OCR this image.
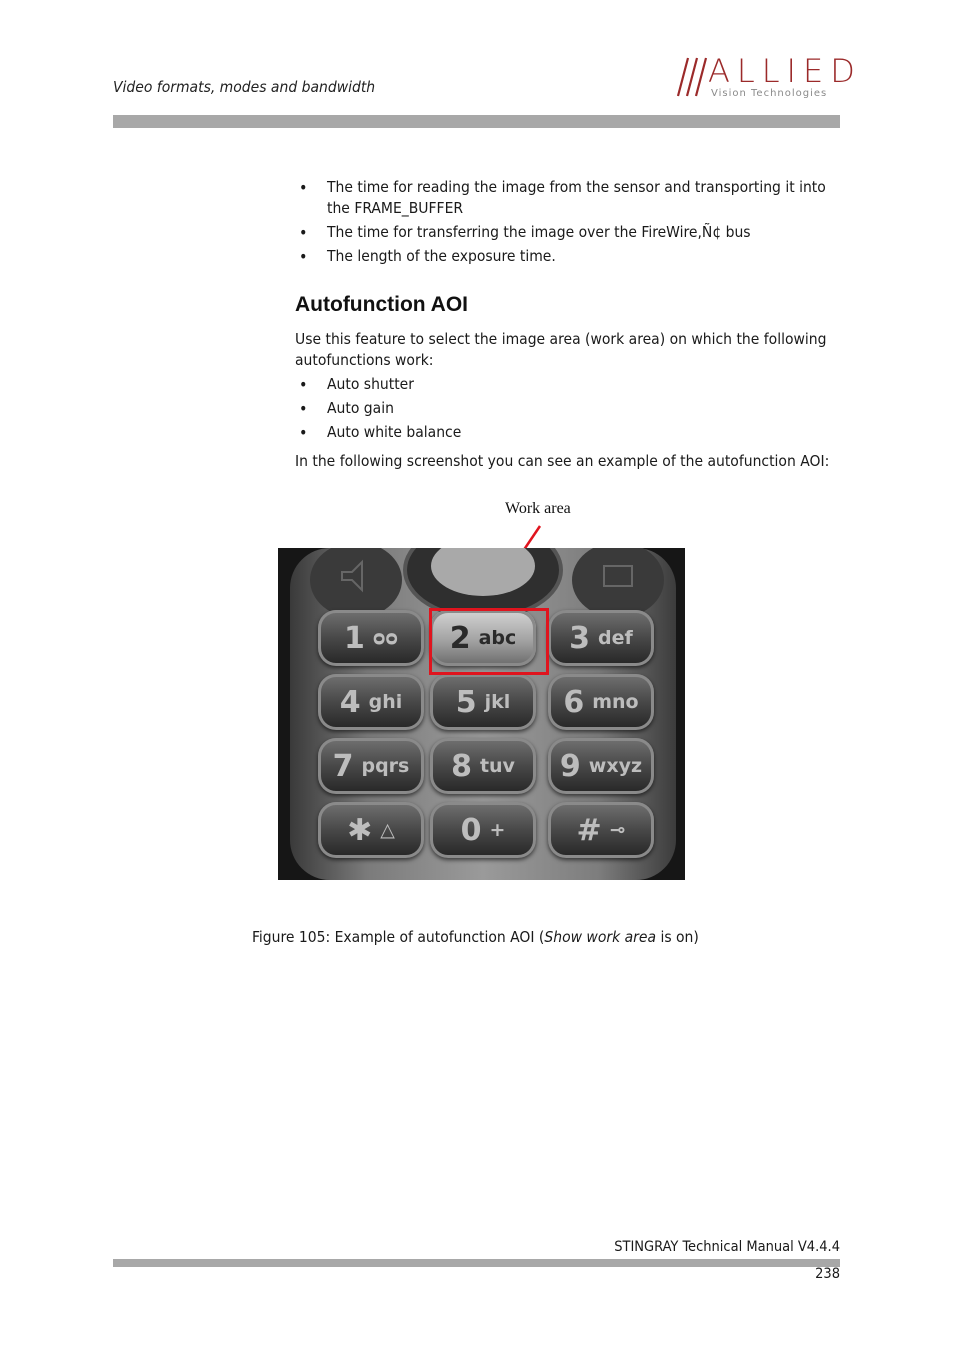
Video formats, modes and bandwidth	ALLIED
Vision Technologies
• The time for reading the image from the sensor and transporting it into the FRAME_BUFFER
• The time for transferring the image over the FireWire,Ñ¢ bus
• The length of the exposure time.
Autofunction AOI
Use this feature to select the image area (work area) on which the following autofunctions work:
• Auto shutter
• Auto gain
• Auto white balance
In the following screenshot you can see an example of the autofunction AOI:
Work area
1 ᴑᴑ 2 abc 3 def
4 ghi 5 jkl 6 mno
7 pqrs 8 tuv 9 wxyz
✱ △ 0 + # ⊸
Figure 105: Example of autofunction AOI (Show work area is on)
STINGRAY Technical Manual V4.4.4
238
